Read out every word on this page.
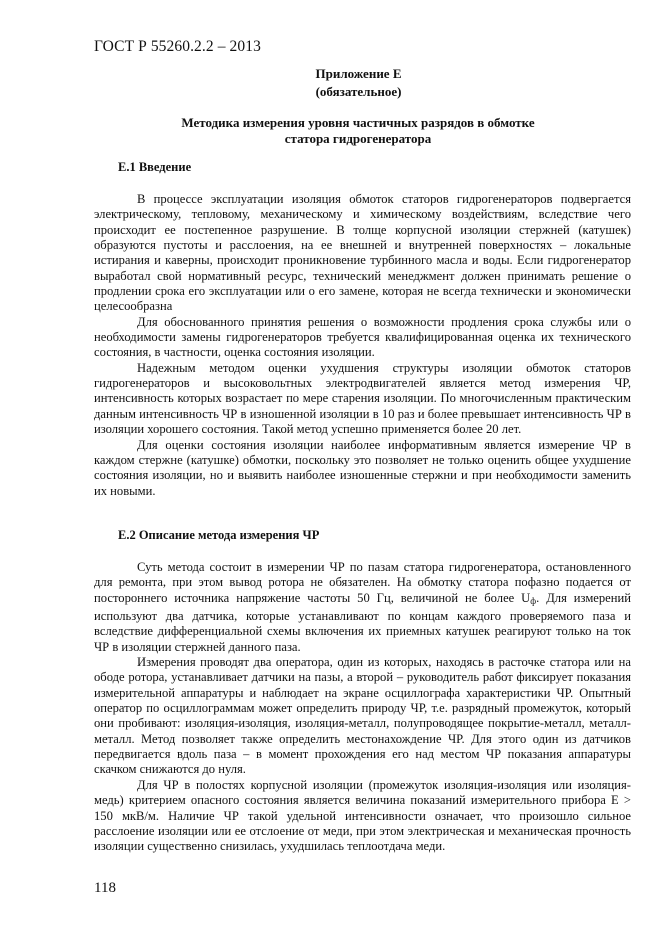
ГОСТ Р 55260.2.2 – 2013
Приложение Е
(обязательное)
Методика измерения уровня частичных разрядов в обмотке
статора гидрогенератора
Е.1 Введение

В процессе эксплуатации изоляция обмоток статоров гидрогенераторов подвергается электрическому, тепловому, механическому и химическому воздействиям, вследствие чего происходит ее постепенное разрушение. В толще корпусной изоляции стержней (катушек) образуются пустоты и расслоения, на ее внешней и внутренней поверхностях – локальные истирания и каверны, происходит проникновение турбинного масла и воды. Если гидрогенератор выработал свой нормативный ресурс, технический менеджмент должен принимать решение о продлении срока его эксплуатации или о его замене, которая не всегда технически и экономически целесообразна

Для обоснованного принятия решения о возможности продления срока службы или о необходимости замены гидрогенераторов требуется квалифицированная оценка их технического состояния, в частности, оценка состояния изоляции.

Надежным методом оценки ухудшения структуры изоляции обмоток статоров гидрогенераторов и высоковольтных электродвигателей является метод измерения ЧР, интенсивность которых возрастает по мере старения изоляции. По многочисленным практическим данным интенсивность ЧР в изношенной изоляции в 10 раз и более превышает интенсивность ЧР в изоляции хорошего состояния. Такой метод успешно применяется более 20 лет.

Для оценки состояния изоляции наиболее информативным является измерение ЧР в каждом стержне (катушке) обмотки, поскольку это позволяет не только оценить общее ухудшение состояния изоляции, но и выявить наиболее изношенные стержни и при необходимости заменить их новыми.

Е.2 Описание метода измерения ЧР

Суть метода состоит в измерении ЧР по пазам статора гидрогенератора, остановленного для ремонта, при этом вывод ротора не обязателен. На обмотку статора пофазно подается от постороннего источника напряжение частоты 50 Гц, величиной не более $U_ф$. Для измерений используют два датчика, которые устанавливают по концам каждого проверяемого паза и вследствие дифференциальной схемы включения их приемных катушек реагируют только на ток ЧР в изоляции стержней данного паза.

Измерения проводят два оператора, один из которых, находясь в расточке статора или на ободе ротора, устанавливает датчики на пазы, а второй – руководитель работ фиксирует показания измерительной аппаратуры и наблюдает на экране осциллографа характеристики ЧР. Опытный оператор по осциллограммам может определить природу ЧР, т.е. разрядный промежуток, который они пробивают: изоляция-изоляция, изоляция-металл, полупроводящее покрытие-металл, металл-металл. Метод позволяет также определить местонахождение ЧР. Для этого один из датчиков передвигается вдоль паза – в момент прохождения его над местом ЧР показания аппаратуры скачком снижаются до нуля.

Для ЧР в полостях корпусной изоляции (промежуток изоляция-изоляция или изоляция-медь) критерием опасного состояния является величина показаний измерительного прибора Е > 150 мкВ/м. Наличие ЧР такой удельной интенсивности означает, что произошло сильное расслоение изоляции или ее отслоение от меди, при этом электрическая и механическая прочность изоляции существенно снизилась, ухудшилась теплоотдача меди.

118
